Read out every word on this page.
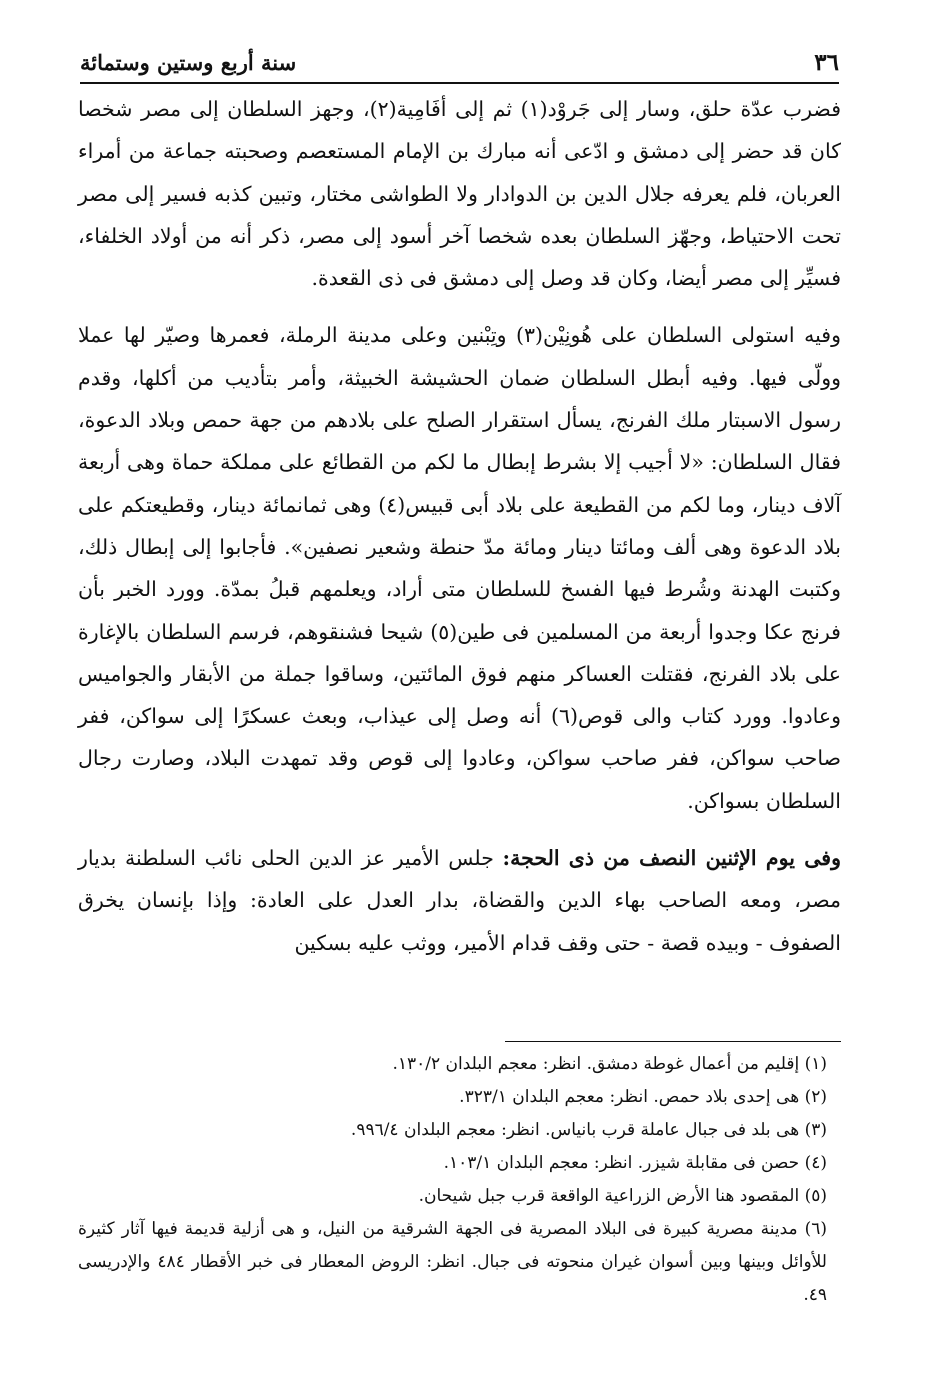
٣٦
سنة أربع وستين وستمائة

فضرب عدّة حلق، وسار إلى جَروْد(١) ثم إلى أفَامِية(٢)، وجهز السلطان إلى مصر شخصا كان قد حضر إلى دمشق و ادّعى أنه مبارك بن الإمام المستعصم وصحبته جماعة من أمراء العربان، فلم يعرفه جلال الدين بن الدوادار ولا الطواشى مختار، وتبين كذبه فسير إلى مصر تحت الاحتياط، وجهّز السلطان بعده شخصا آخر أسود إلى مصر، ذكر أنه من أولاد الخلفاء، فسيِّر إلى مصر أيضا، وكان قد وصل إلى دمشق فى ذى القعدة.

وفيه استولى السلطان على هُونِيْن(٣) وتِبْنين وعلى مدينة الرملة، فعمرها وصيّر لها عملا وولّى فيها. وفيه أبطل السلطان ضمان الحشيشة الخبيثة، وأمر بتأديب من أكلها، وقدم رسول الاسبتار ملك الفرنج، يسأل استقرار الصلح على بلادهم من جهة حمص وبلاد الدعوة، فقال السلطان: «لا أجيب إلا بشرط إبطال ما لكم من القطائع على مملكة حماة وهى أربعة آلاف دينار، وما لكم من القطيعة على بلاد أبى قبيس(٤) وهى ثمانمائة دينار، وقطيعتكم على بلاد الدعوة وهى ألف ومائتا دينار ومائة مدّ حنطة وشعير نصفين». فأجابوا إلى إبطال ذلك، وكتبت الهدنة وشُرط فيها الفسخ للسلطان متى أراد، ويعلمهم قبلُ بمدّة. وورد الخبر بأن فرنج عكا وجدوا أربعة من المسلمين فى طين(٥) شيحا فشنقوهم، فرسم السلطان بالإغارة على بلاد الفرنج، فقتلت العساكر منهم فوق المائتين، وساقوا جملة من الأبقار والجواميس وعادوا. وورد كتاب والى قوص(٦) أنه وصل إلى عيذاب، وبعث عسكرًا إلى سواكن، ففر صاحب سواكن، ففر صاحب سواكن، وعادوا إلى قوص وقد تمهدت البلاد، وصارت رجال السلطان بسواكن.

وفى يوم الإثنين النصف من ذى الحجة: جلس الأمير عز الدين الحلى نائب السلطنة بديار مصر، ومعه الصاحب بهاء الدين والقضاة، بدار العدل على العادة: وإذا بإنسان يخرق الصفوف - وبيده قصة - حتى وقف قدام الأمير، ووثب عليه بسكين

(١) إقليم من أعمال غوطة دمشق. انظر: معجم البلدان ١٣٠/٢.
(٢) هى إحدى بلاد حمص. انظر: معجم البلدان ٣٢٣/١.
(٣) هى بلد فى جبال عاملة قرب بانياس. انظر: معجم البلدان ٩٩٦/٤.
(٤) حصن فى مقابلة شيزر. انظر: معجم البلدان ١٠٣/١.
(٥) المقصود هنا الأرض الزراعية الواقعة قرب جبل شيحان.
(٦) مدينة مصرية كبيرة فى البلاد المصرية فى الجهة الشرقية من النيل، و هى أزلية قديمة فيها آثار كثيرة للأوائل وبينها وبين أسوان غيران منحوته فى جبال. انظر: الروض المعطار فى خبر الأقطار ٤٨٤ والإدريسى ٤٩.
